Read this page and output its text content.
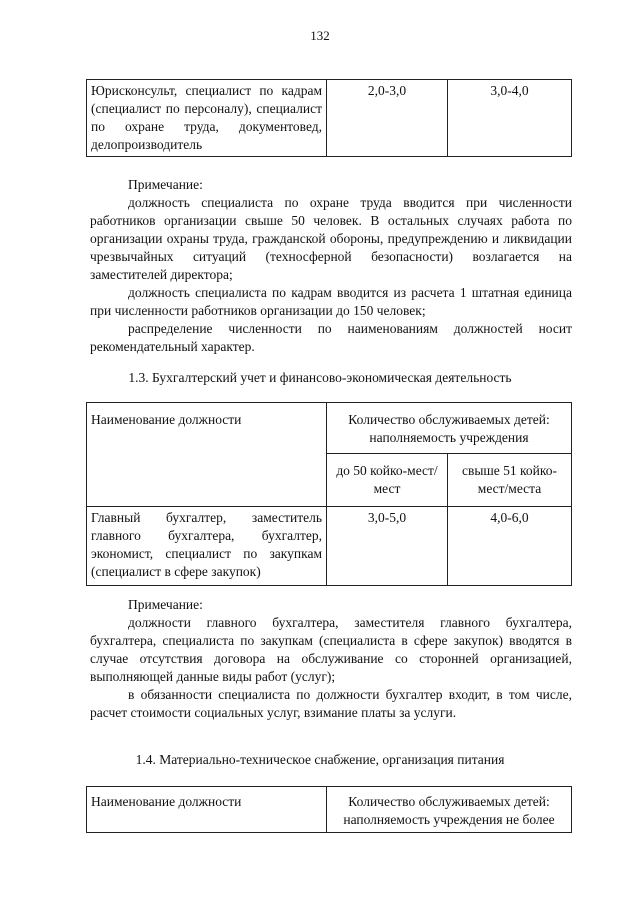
132
Юрисконсульт, специалист по кадрам (специалист по персоналу), специалист по охране труда, документовед, делопроизводитель	2,0-3,0	3,0-4,0

Примечание:

должность специалиста по охране труда вводится при численности работников организации свыше 50 человек. В остальных случаях работа по организации охраны труда, гражданской обороны, предупреждению и ликвидации чрезвычайных ситуаций (техносферной безопасности) возлагается на заместителей директора;

должность специалиста по кадрам вводится из расчета 1 штатная единица при численности работников организации до 150 человек;

распределение численности по наименованиям должностей носит рекомендательный характер.

1.3. Бухгалтерский учет и финансово-экономическая деятельность
Наименование должности	Количество обслуживаемых детей: наполняемость учреждения	
	до 50 койко-мест/мест	свыше 51 койко-мест/места
Главный бухгалтер, заместитель главного бухгалтера, бухгалтер, экономист, специалист по закупкам (специалист в сфере закупок)	3,0-5,0	4,0-6,0

Примечание:

должности главного бухгалтера, заместителя главного бухгалтера, бухгалтера, специалиста по закупкам (специалиста в сфере закупок) вводятся в случае отсутствия договора на обслуживание со сторонней организацией, выполняющей данные виды работ (услуг);

в обязанности специалиста по должности бухгалтер входит, в том числе, расчет стоимости социальных услуг, взимание платы за услуги.

1.4. Материально-техническое снабжение, организация питания
Наименование должности	Количество обслуживаемых детей: наполняемость учреждения не более
